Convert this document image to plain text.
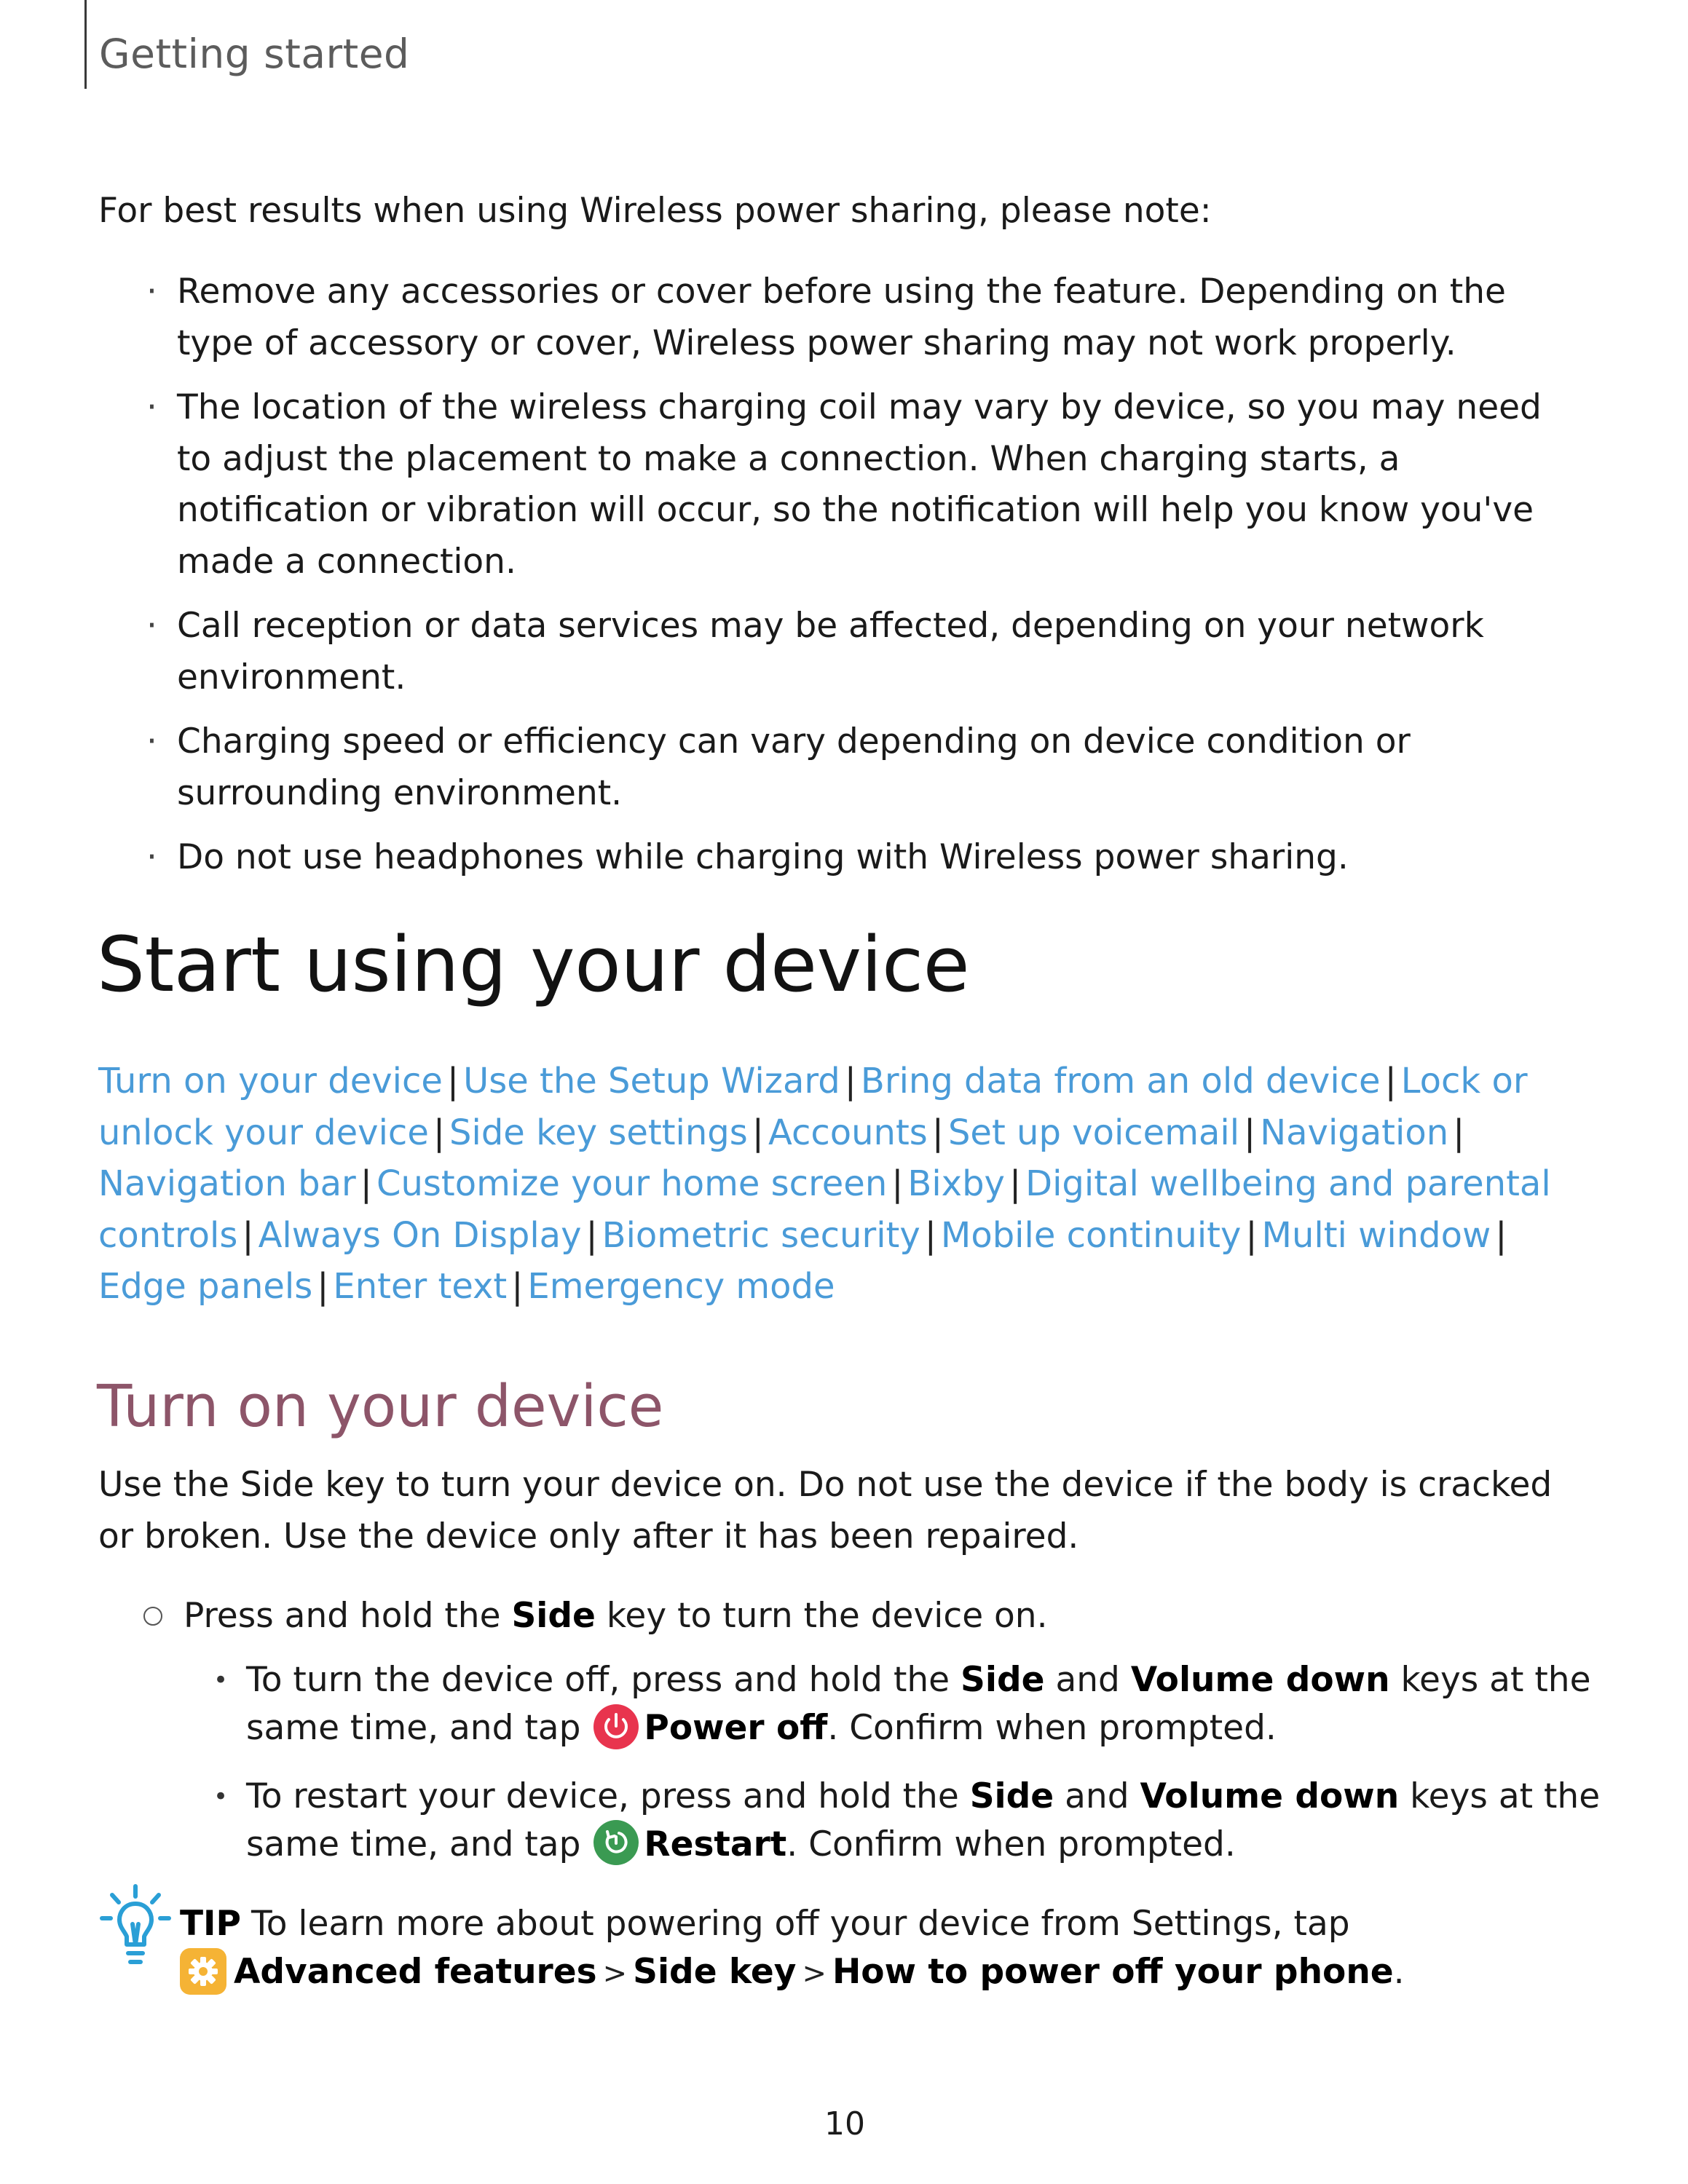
Getting started

For best results when using Wireless power sharing, please note:

· Remove any accessories or cover before using the feature. Depending on the
type of accessory or cover, Wireless power sharing may not work properly.
· The location of the wireless charging coil may vary by device, so you may need
to adjust the placement to make a connection. When charging starts, a
notification or vibration will occur, so the notification will help you know you've
made a connection.
· Call reception or data services may be affected, depending on your network
environment.
· Charging speed or efficiency can vary depending on device condition or
surrounding environment.
· Do not use headphones while charging with Wireless power sharing.
Start using your device
Turn on your device | Use the Setup Wizard | Bring data from an old device | Lock or
unlock your device | Side key settings | Accounts | Set up voicemail | Navigation |
Navigation bar | Customize your home screen | Bixby | Digital wellbeing and parental
controls | Always On Display | Biometric security | Mobile continuity | Multi window |
Edge panels | Enter text | Emergency mode
Turn on your device

Use the Side key to turn your device on. Do not use the device if the body is cracked
or broken. Use the device only after it has been repaired.

Press and hold the Side key to turn the device on.
• To turn the device off, press and hold the Side and Volume down keys at the
same time, and tap
Power off. Confirm when prompted.
• To restart your device, press and hold the Side and Volume down keys at the
same time, and tap
Restart. Confirm when prompted.
TIP To learn more about powering off your device from Settings, tap
Advanced features > Side key > How to power off your phone.
10
